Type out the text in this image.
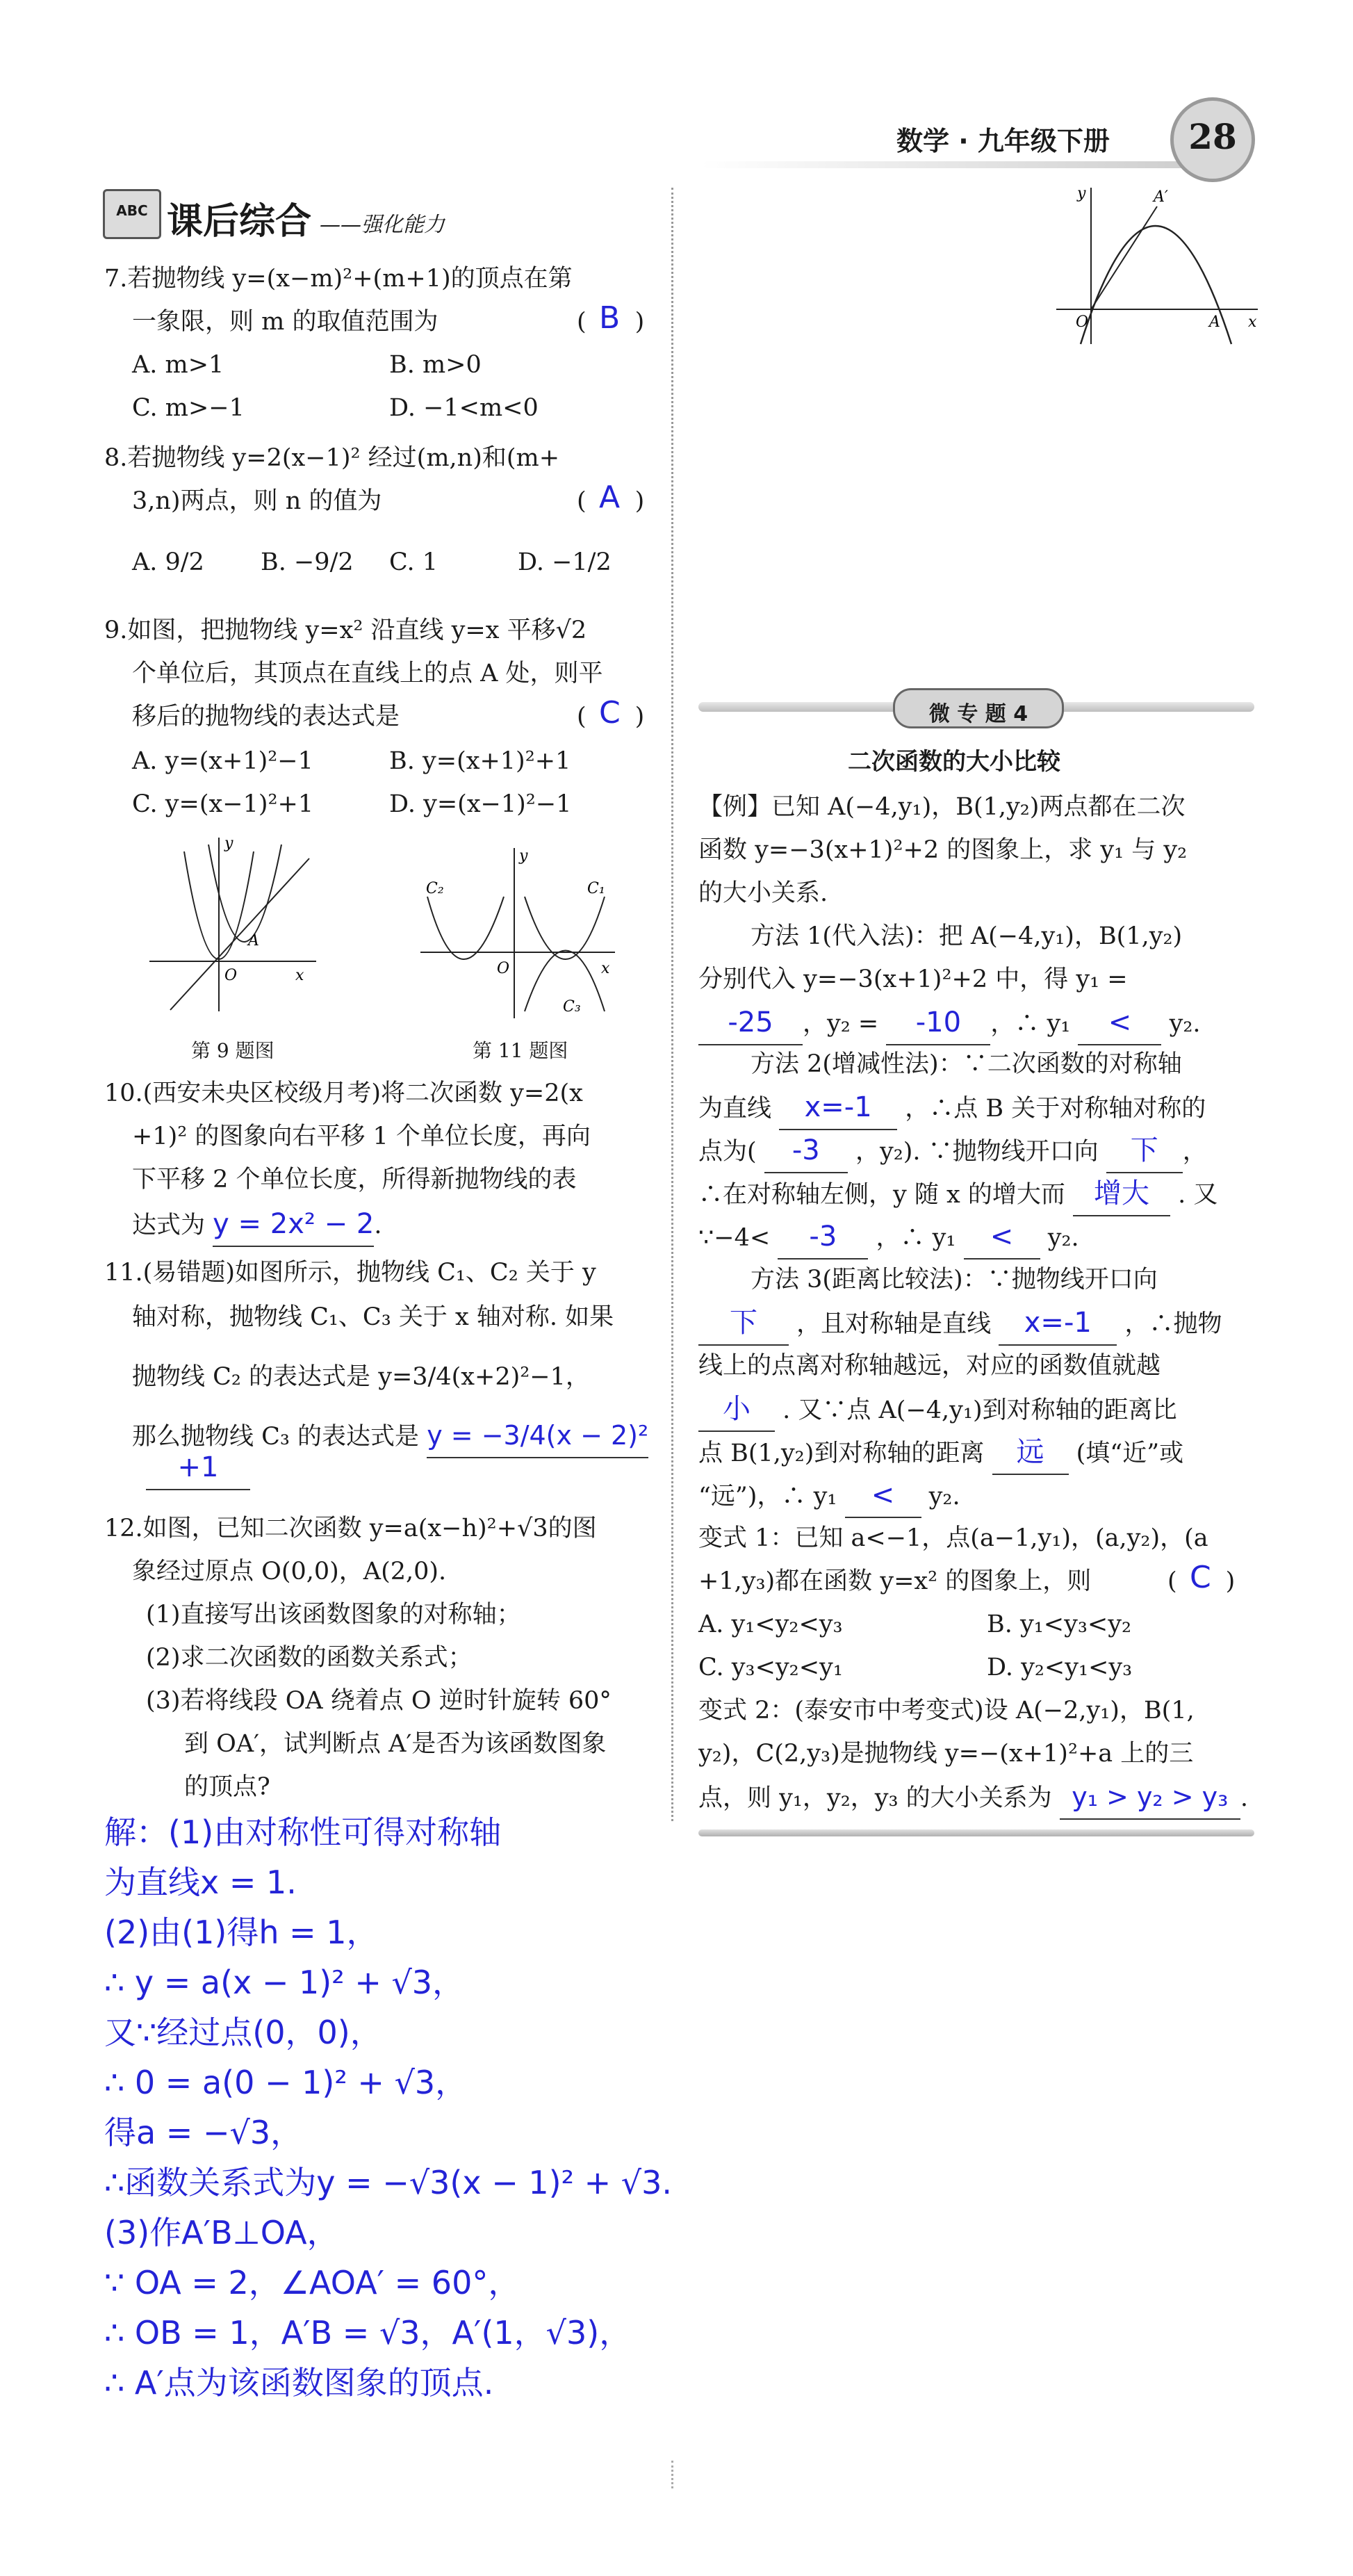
数学 · 九年级下册	28
ABC 课后综合 ——强化能力
7.若抛物线 y=(x−m)²+(m+1)的顶点在第
一象限，则 m 的取值范围为	( )
B
A. m>1	B. m>0
C. m>−1	D. −1<m<0
8.若抛物线 y=2(x−1)² 经过(m,n)和(m+
3,n)两点，则 n 的值为	( )
A
A. 9/2 B. −9/2 C. 1	D. −1/2
9.如图，把抛物线 y=x² 沿直线 y=x 平移√2
个单位后，其顶点在直线上的点 A 处，则平
移后的抛物线的表达式是	( )
C
A. y=(x+1)²−1	B. y=(x+1)²+1
C. y=(x−1)²+1	D. y=(x−1)²−1
y
x
O
A
第 9 题图
y
x
O
C₁
C₂
C₃
第 11 题图
10.(西安未央区校级月考)将二次函数 y=2(x
+1)² 的图象向右平移 1 个单位长度，再向
下平移 2 个单位长度，所得新抛物线的表
达式为 y = 2x² − 2.
11.(易错题)如图所示，抛物线 C₁、C₂ 关于 y
轴对称，抛物线 C₁、C₃ 关于 x 轴对称. 如果
抛物线 C₂ 的表达式是 y=3/4(x+2)²−1，
那么抛物线 C₃ 的表达式是 y = −3/4(x − 2)²
+1
12.如图，已知二次函数 y=a(x−h)²+√3的图
象经过原点 O(0,0)，A(2,0).
(1)直接写出该函数图象的对称轴；
(2)求二次函数的函数关系式；
(3)若将线段 OA 绕着点 O 逆时针旋转 60°
到 OA′，试判断点 A′是否为该函数图象
的顶点?
解：(1)由对称性可得对称轴
为直线x = 1.
(2)由(1)得h = 1，
∴ y = a(x − 1)² + √3，
又∵经过点(0，0)，
∴ 0 = a(0 − 1)² + √3，
得a = −√3，
∴函数关系式为y = −√3(x − 1)² + √3.
(3)作A′B⊥OA，
∵ OA = 2，∠AOA′ = 60°，
∴ OB = 1，A′B = √3，A′(1，√3)，
∴ A′点为该函数图象的顶点.
y
x
O	A
A′
微 专 题 4
二次函数的大小比较
【例】已知 A(−4,y₁)，B(1,y₂)两点都在二次
函数 y=−3(x+1)²+2 的图象上，求 y₁ 与 y₂
的大小关系.
方法 1(代入法)：把 A(−4,y₁)，B(1,y₂)
分别代入 y=−3(x+1)²+2 中，得 y₁ =
-25 ，y₂ = -10 ，∴ y₁ < y₂.
方法 2(增减性法)：∵二次函数的对称轴
为直线 x=-1 ，∴点 B 关于对称轴对称的
点为( -3 ，y₂). ∵抛物线开口向 下 ，
∴在对称轴左侧，y 随 x 的增大而 增大 . 又
∵−4< -3 ，∴ y₁ < y₂.
方法 3(距离比较法)：∵抛物线开口向
下 ，且对称轴是直线 x=-1 ，∴抛物
线上的点离对称轴越远，对应的函数值就越
小 . 又∵点 A(−4,y₁)到对称轴的距离比
点 B(1,y₂)到对称轴的距离 远 (填“近”或
“远”)，∴ y₁ < y₂.
变式 1：已知 a<−1，点(a−1,y₁)，(a,y₂)，(a
+1,y₃)都在函数 y=x² 的图象上，则	( )
C
A. y₁<y₂<y₃	B. y₁<y₃<y₂
C. y₃<y₂<y₁	D. y₂<y₁<y₃
变式 2：(泰安市中考变式)设 A(−2,y₁)，B(1,
y₂)，C(2,y₃)是抛物线 y=−(x+1)²+a 上的三
点，则 y₁，y₂，y₃ 的大小关系为 y₁ > y₂ > y₃ .
